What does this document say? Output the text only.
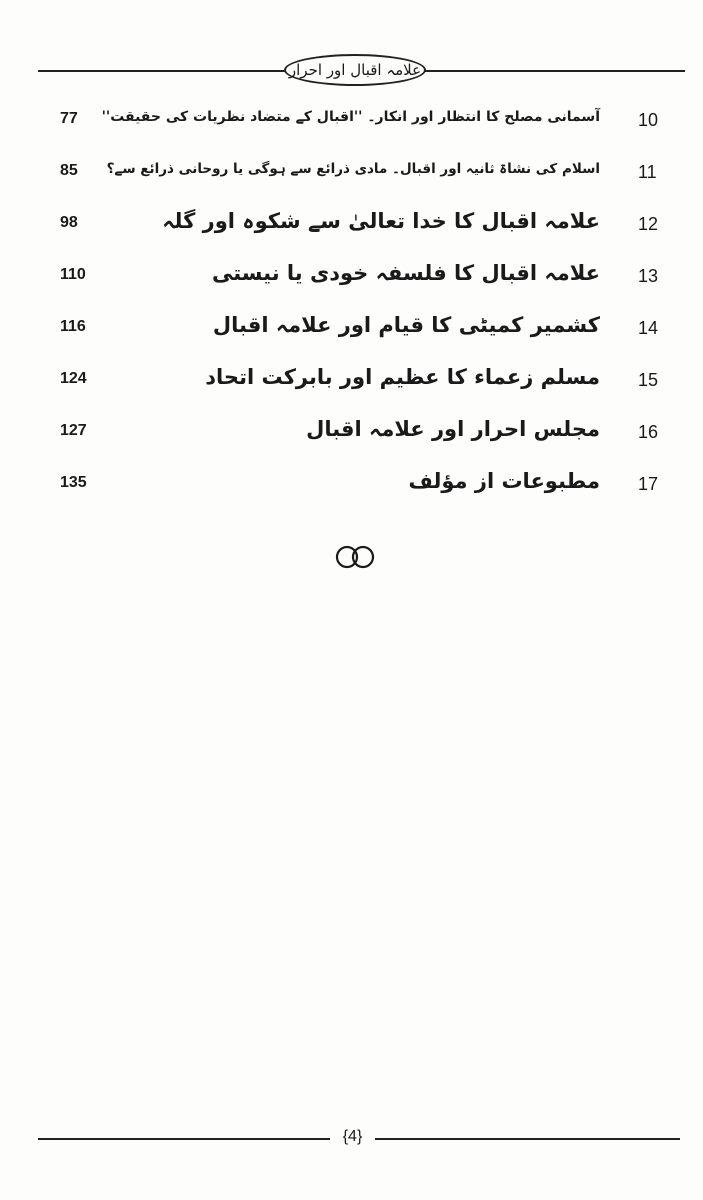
علامہ اقبال اور احرار
77 آسمانی مصلح کا انتظار اور انکار۔ ''اقبال کے متضاد نظریات کی حقیقت'' 10
85 اسلام کی نشاۃ ثانیہ اور اقبال۔ مادی ذرائع سے ہوگی یا روحانی ذرائع سے؟ 11
98	علامہ اقبال کا خدا تعالیٰ سے شکوہ اور گلہ 12
110	علامہ اقبال کا فلسفہ خودی یا نیستی 13
116	کشمیر کمیٹی کا قیام اور علامہ اقبال 14
124	مسلم زعماء کا عظیم اور بابرکت اتحاد 15
127	مجلس احرار اور علامہ اقبال 16
135	مطبوعات از مؤلف 17
{4}
